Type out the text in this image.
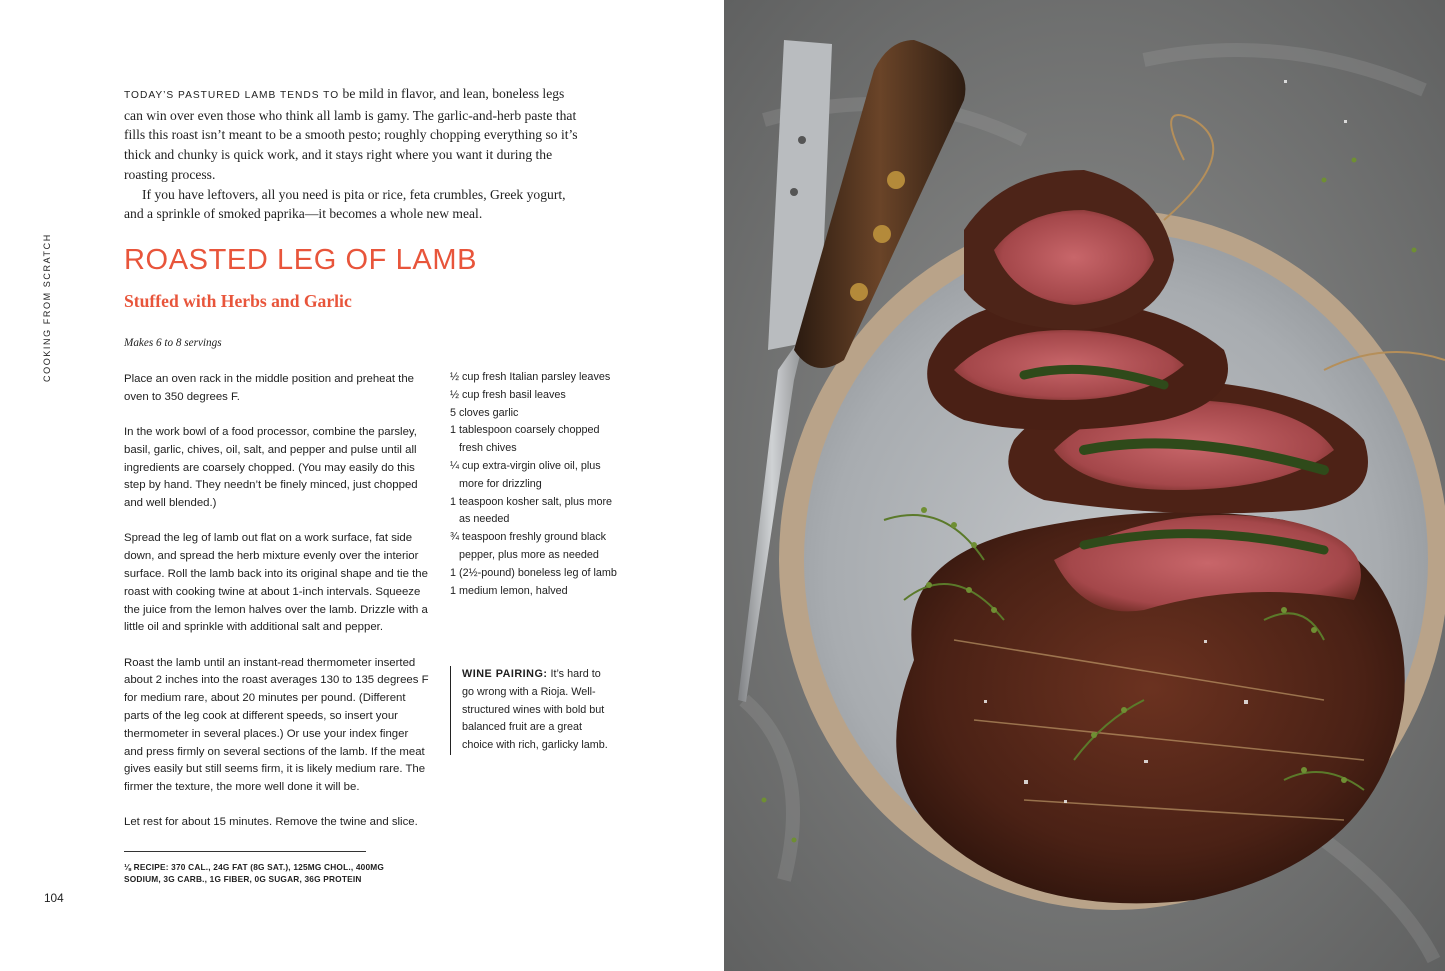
COOKING FROM SCRATCH

TODAY’S PASTURED LAMB TENDS TO be mild in flavor, and lean, boneless legs can win over even those who think all lamb is gamy. The garlic-and-herb paste that fills this roast isn’t meant to be a smooth pesto; roughly chopping everything so it’s thick and chunky is quick work, and it stays right where you want it during the roasting process.

If you have leftovers, all you need is pita or rice, feta crumbles, Greek yogurt, and a sprinkle of smoked paprika—it becomes a whole new meal.

ROASTED LEG OF LAMB
Stuffed with Herbs and Garlic
Makes 6 to 8 servings

Place an oven rack in the middle position and preheat the oven to 350 degrees F.

In the work bowl of a food processor, combine the parsley, basil, garlic, chives, oil, salt, and pepper and pulse until all ingredients are coarsely chopped. (You may easily do this step by hand. They needn’t be finely minced, just chopped and well blended.)

Spread the leg of lamb out flat on a work surface, fat side down, and spread the herb mixture evenly over the interior surface. Roll the lamb back into its original shape and tie the roast with cooking twine at about 1-inch intervals. Squeeze the juice from the lemon halves over the lamb. Drizzle with a little oil and sprinkle with additional salt and pepper.

Roast the lamb until an instant-read thermometer inserted about 2 inches into the roast averages 130 to 135 degrees F for medium rare, about 20 minutes per pound. (Different parts of the leg cook at different speeds, so insert your thermometer in several places.) Or use your index finger and press firmly on several sections of the lamb. If the meat gives easily but still seems firm, it is likely medium rare. The firmer the texture, the more well done it will be.

Let rest for about 15 minutes. Remove the twine and slice.

½ cup fresh Italian parsley leaves
½ cup fresh basil leaves
5 cloves garlic
1 tablespoon coarsely chopped fresh chives
¼ cup extra-virgin olive oil, plus more for drizzling
1 teaspoon kosher salt, plus more as needed
¾ teaspoon freshly ground black pepper, plus more as needed
1 (2½-pound) boneless leg of lamb
1 medium lemon, halved
WINE PAIRING: It’s hard to go wrong with a Rioja. Well-structured wines with bold but balanced fruit are a great choice with rich, garlicky lamb.
⅛ RECIPE: 370 CAL., 24G FAT (8G SAT.), 125MG CHOL., 400MG SODIUM, 3G CARB., 1G FIBER, 0G SUGAR, 36G PROTEIN
104
